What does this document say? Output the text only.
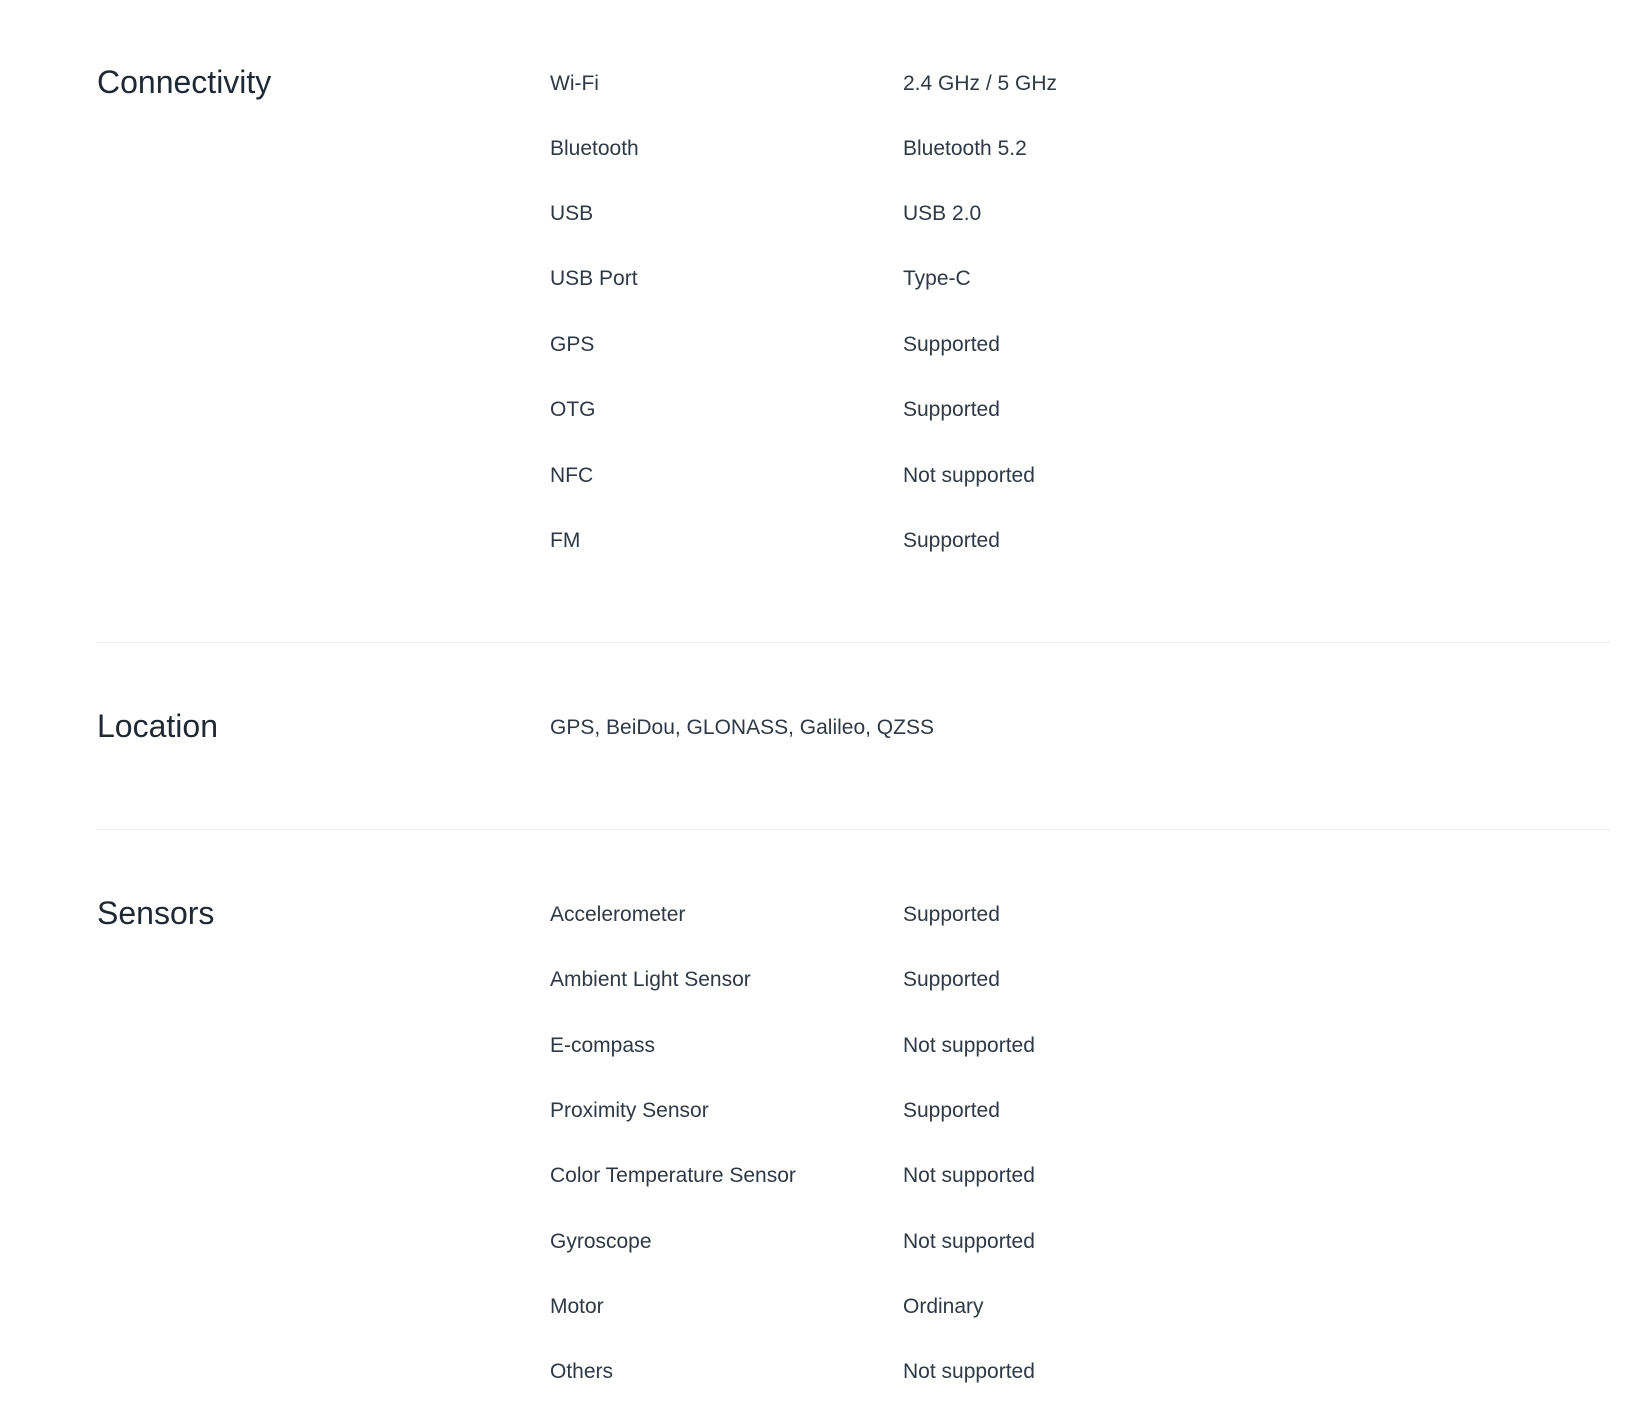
Connectivity	Wi-Fi	2.4 GHz / 5 GHz
Bluetooth	Bluetooth 5.2
USB	USB 2.0
USB Port	Type-C
GPS	Supported
OTG	Supported
NFC	Not supported
FM	Supported
Location	GPS, BeiDou, GLONASS, Galileo, QZSS
Sensors	Accelerometer	Supported
Ambient Light Sensor	Supported
E-compass	Not supported
Proximity Sensor	Supported
Color Temperature Sensor	Not supported
Gyroscope	Not supported
Motor	Ordinary
Others	Not supported
